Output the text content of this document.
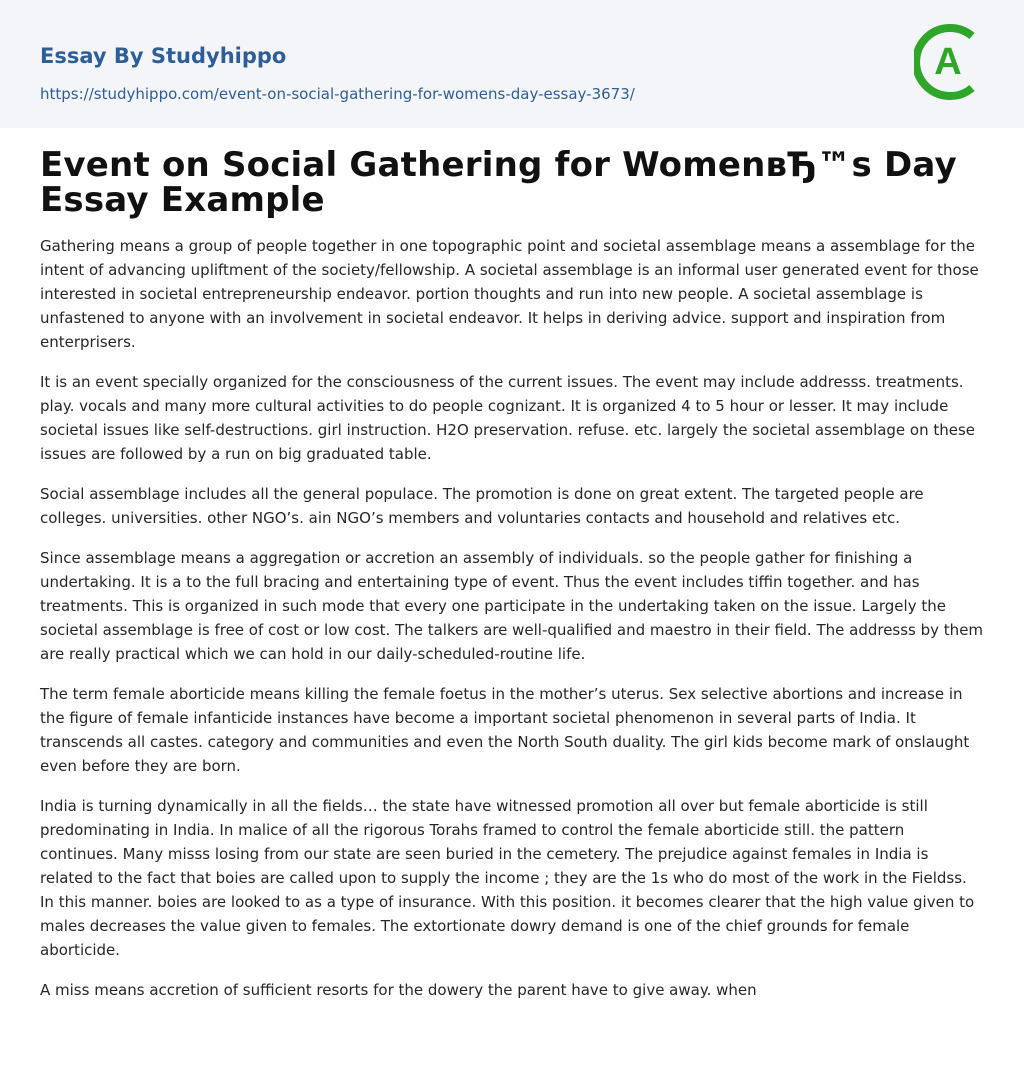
Essay By Studyhippo
https://studyhippo.com/event-on-social-gathering-for-womens-day-essay-3673/
A
Event on Social Gathering for WomenвЂ™s Day Essay Example

Gathering means a group of people together in one topographic point and societal assemblage means a assemblage for the intent of advancing upliftment of the society/fellowship. A societal assemblage is an informal user generated event for those interested in societal entrepreneurship endeavor. portion thoughts and run into new people. A societal assemblage is unfastened to anyone with an involvement in societal endeavor. It helps in deriving advice. support and inspiration from enterprisers.

It is an event specially organized for the consciousness of the current issues. The event may include addresss. treatments. play. vocals and many more cultural activities to do people cognizant. It is organized 4 to 5 hour or lesser. It may include societal issues like self-destructions. girl instruction. H2O preservation. refuse. etc. largely the societal assemblage on these issues are followed by a run on big graduated table.

Social assemblage includes all the general populace. The promotion is done on great extent. The targeted people are colleges. universities. other NGO’s. ain NGO’s members and voluntaries contacts and household and relatives etc.

Since assemblage means a aggregation or accretion an assembly of individuals. so the people gather for finishing a undertaking. It is a to the full bracing and entertaining type of event. Thus the event includes tiffin together. and has treatments. This is organized in such mode that every one participate in the undertaking taken on the issue. Largely the societal assemblage is free of cost or low cost. The talkers are well-qualified and maestro in their field. The addresss by them are really practical which we can hold in our daily-scheduled-routine life.

The term female aborticide means killing the female foetus in the mother’s uterus. Sex selective abortions and increase in the figure of female infanticide instances have become a important societal phenomenon in several parts of India. It transcends all castes. category and communities and even the North South duality. The girl kids become mark of onslaught even before they are born.

India is turning dynamically in all the fields… the state have witnessed promotion all over but female aborticide is still predominating in India. In malice of all the rigorous Torahs framed to control the female aborticide still. the pattern continues. Many misss losing from our state are seen buried in the cemetery. The prejudice against females in India is related to the fact that boies are called upon to supply the income ; they are the 1s who do most of the work in the Fieldss. In this manner. boies are looked to as a type of insurance. With this position. it becomes clearer that the high value given to males decreases the value given to females. The extortionate dowry demand is one of the chief grounds for female aborticide.

A miss means accretion of sufficient resorts for the dowery the parent have to give away. when
